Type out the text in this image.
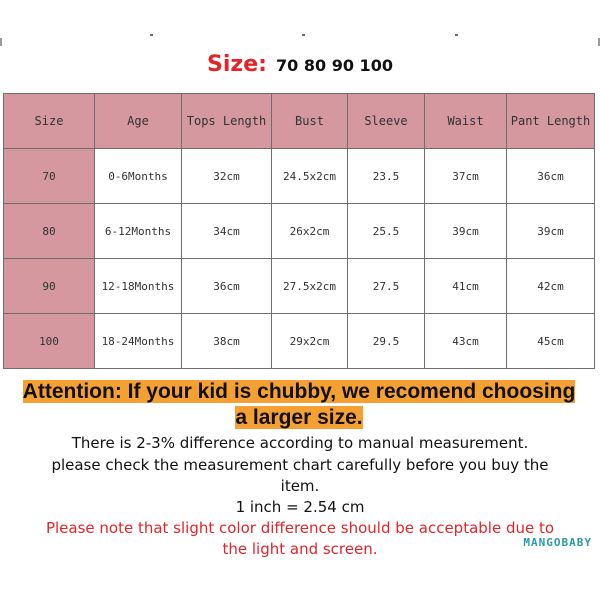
Size: 70 80 90 100
Size	Age	Tops Length	Bust	Sleeve	Waist	Pant Length
70	0-6Months	32cm	24.5x2cm	23.5	37cm	36cm
80	6-12Months	34cm	26x2cm	25.5	39cm	39cm
90	12-18Months	36cm	27.5x2cm	27.5	41cm	42cm
100	18-24Months	38cm	29x2cm	29.5	43cm	45cm
Attention: If your kid is chubby, we recomend choosing
a larger size.
There is 2-3% difference according to manual measurement.
please check the measurement chart carefully before you buy the
item.
1 inch = 2.54 cm
Please note that slight color difference should be acceptable due to
the light and screen.	MANGOBABY
